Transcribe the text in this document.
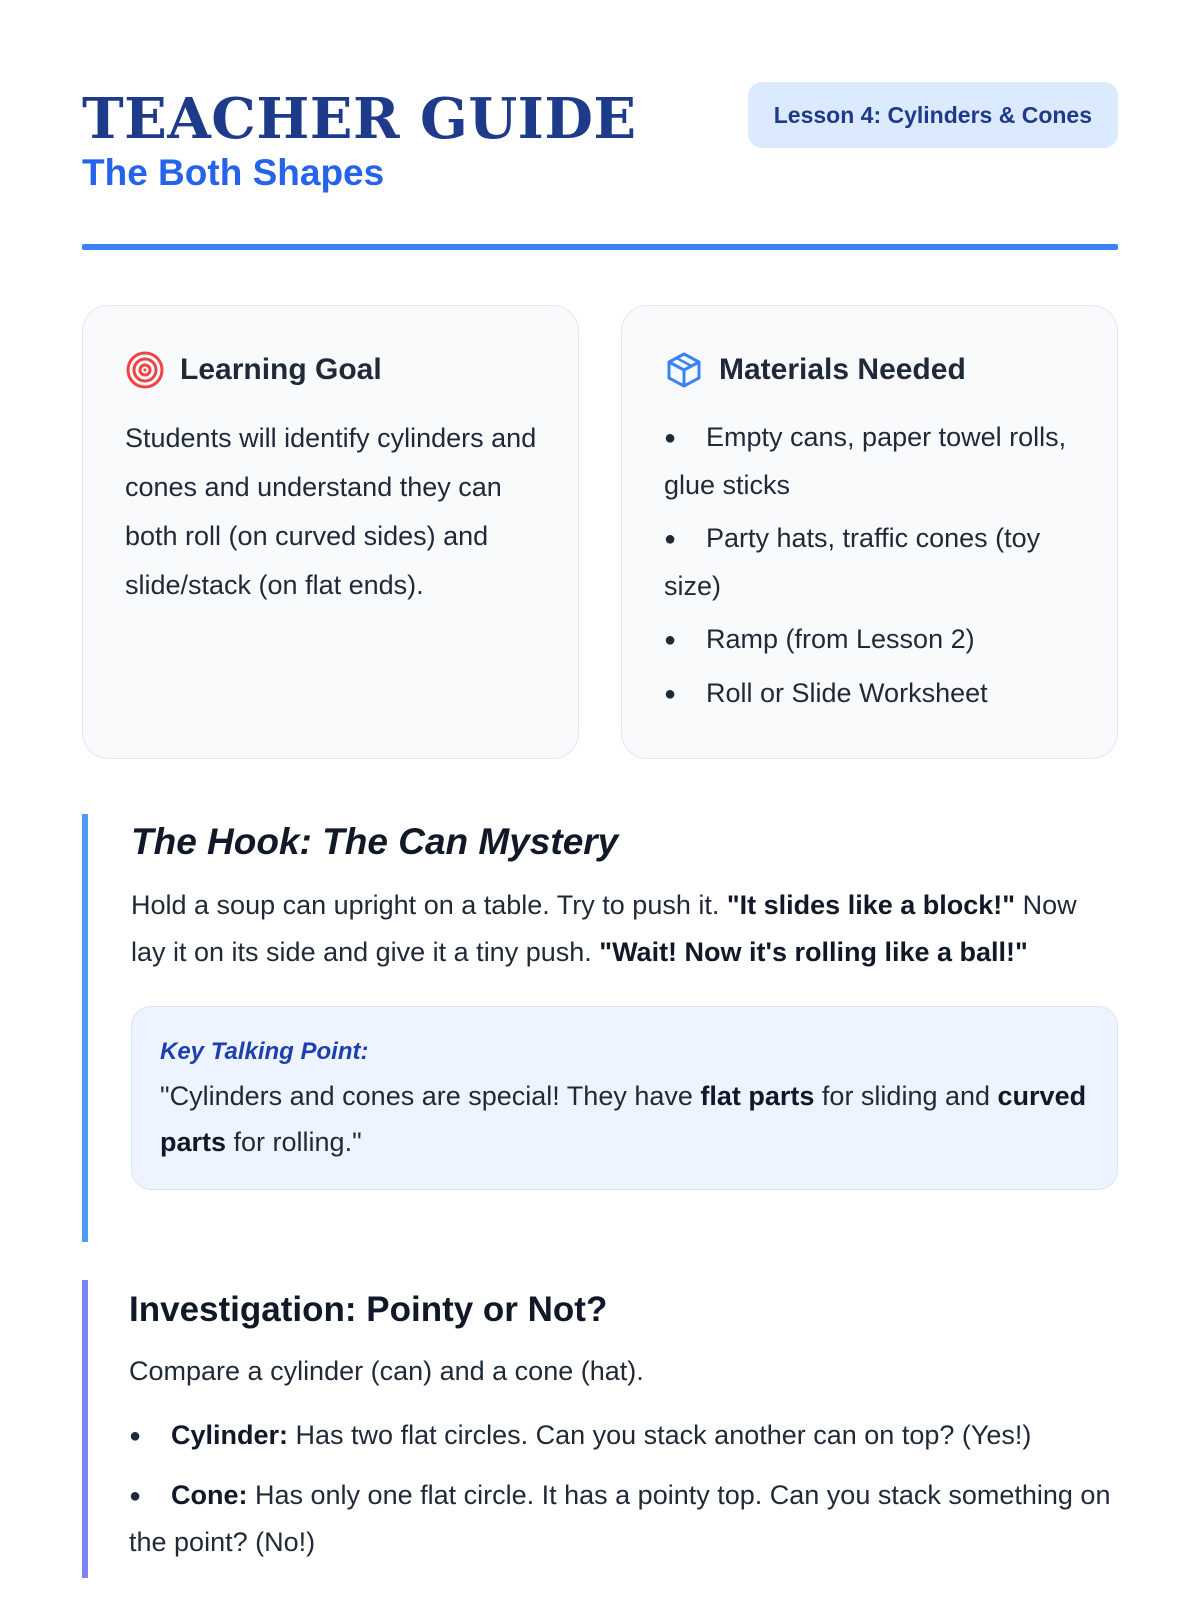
TEACHER GUIDE
The Both Shapes
Lesson 4: Cylinders & Cones
Learning Goal

Students will identify cylinders and cones and understand they can both roll (on curved sides) and slide/stack (on flat ends).

Materials Needed
● Empty cans, paper towel rolls, glue sticks
● Party hats, traffic cones (toy size)
● Ramp (from Lesson 2)
● Roll or Slide Worksheet
The Hook: The Can Mystery

Hold a soup can upright on a table. Try to push it. "It slides like a block!" Now lay it on its side and give it a tiny push. "Wait! Now it's rolling like a ball!"

Key Talking Point:

"Cylinders and cones are special! They have flat parts for sliding and curved parts for rolling."

Investigation: Pointy or Not?

Compare a cylinder (can) and a cone (hat).

● Cylinder: Has two flat circles. Can you stack another can on top? (Yes!)
● Cone: Has only one flat circle. It has a pointy top. Can you stack something on the point? (No!)
